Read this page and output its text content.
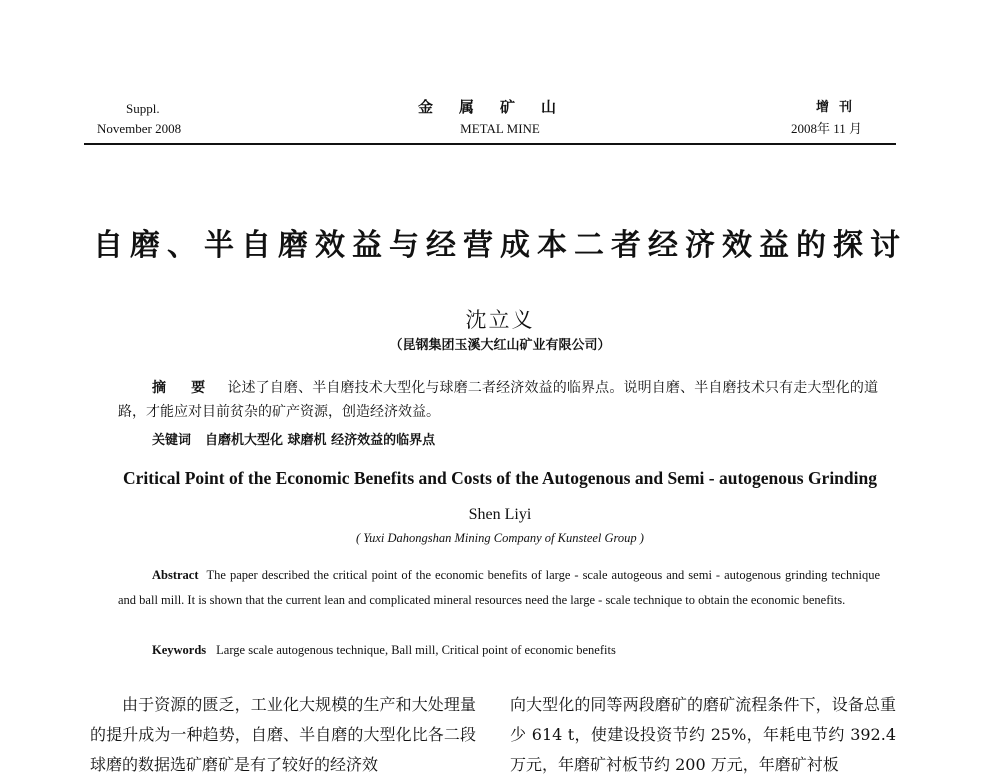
Suppl.
November 2008
金属矿山
METAL MINE
增刊
2008年 11 月
自磨、半自磨效益与经营成本二者经济效益的探讨
沈立义
（昆钢集团玉溪大红山矿业有限公司）
摘 要 论述了自磨、半自磨技术大型化与球磨二者经济效益的临界点。说明自磨、半自磨技术只有走大型化的道路，才能应对目前贫杂的矿产资源，创造经济效益。
关键词 自磨机大型化 球磨机 经济效益的临界点
Critical Point of the Economic Benefits and Costs of the Autogenous and Semi - autogenous Grinding
Shen Liyi
( Yuxi Dahongshan Mining Company of Kunsteel Group )
Abstract The paper described the critical point of the economic benefits of large - scale autogeous and semi - autogenous grinding technique and ball mill. It is shown that the current lean and complicated mineral resources need the large - scale technique to obtain the economic benefits.
Keywords Large scale autogenous technique, Ball mill, Critical point of economic benefits
由于资源的匮乏，工业化大规模的生产和大处理量的提升成为一种趋势，自磨、半自磨的大型化比各二段球磨的数据选矿磨矿是有了较好的经济效
向大型化的同等两段磨矿的磨矿流程条件下，设备总重少 614 t，使建设投资节约 25%，年耗电节约 392.4 万元，年磨矿衬板节约 200 万元，年磨矿衬板
